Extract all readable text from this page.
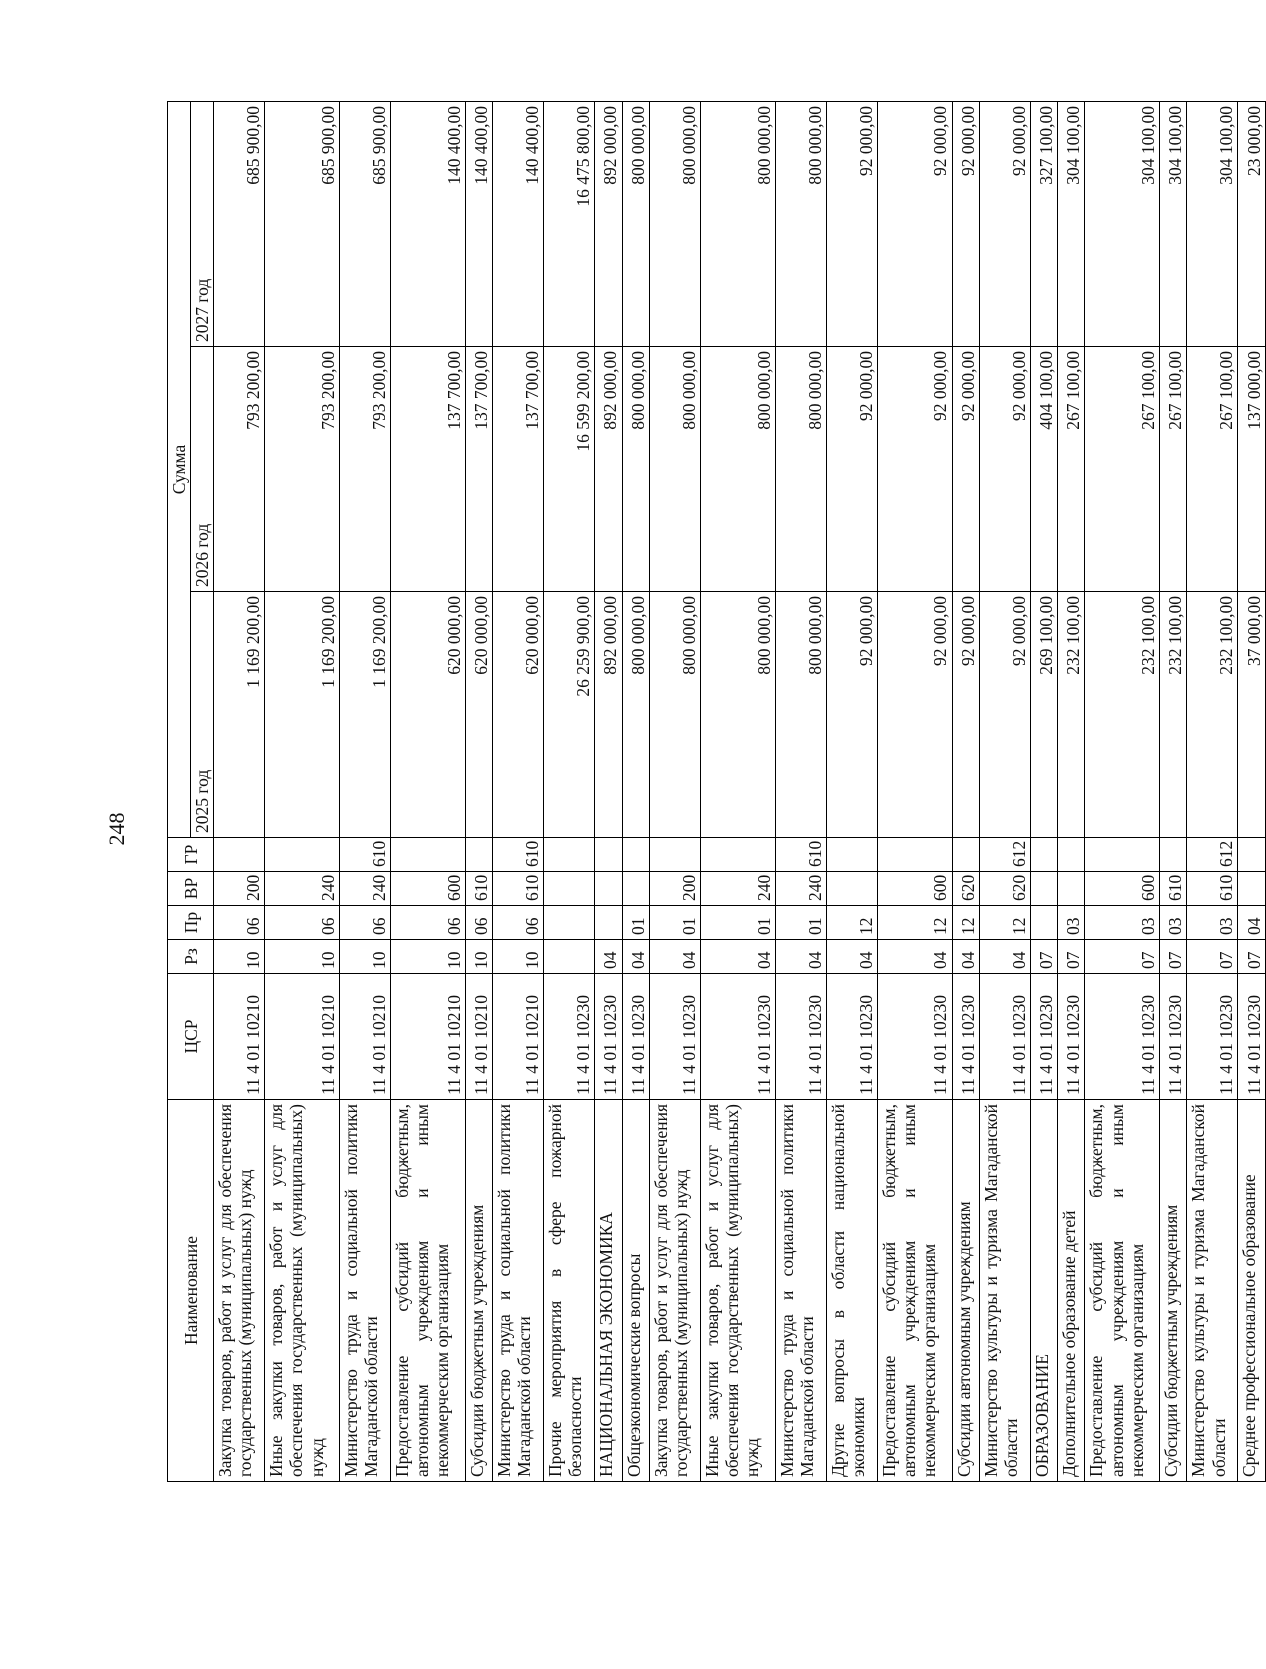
248
Наименование	ЦСР	Рз	Пр	ВР	ГР	Сумма		
						2025 год	2026 год	2027 год
Закупка товаров, работ и услуг для обеспечения государственных (муниципальных) нужд	11 4 01 10210	10	06	200		1 169 200,00	793 200,00	685 900,00
Иные закупки товаров, работ и услуг для обеспечения государственных (муниципальных) нужд	11 4 01 10210	10	06	240		1 169 200,00	793 200,00	685 900,00
Министерство труда и социальной политики Магаданской области	11 4 01 10210	10	06	240	610	1 169 200,00	793 200,00	685 900,00
Предоставление субсидий бюджетным, автономным учреждениям и иным некоммерческим организациям	11 4 01 10210	10	06	600		620 000,00	137 700,00	140 400,00
Субсидии бюджетным учреждениям	11 4 01 10210	10	06	610		620 000,00	137 700,00	140 400,00
Министерство труда и социальной политики Магаданской области	11 4 01 10210	10	06	610	610	620 000,00	137 700,00	140 400,00
Прочие мероприятия в сфере пожарной безопасности	11 4 01 10230					26 259 900,00	16 599 200,00	16 475 800,00
НАЦИОНАЛЬНАЯ ЭКОНОМИКА	11 4 01 10230	04				892 000,00	892 000,00	892 000,00
Общеэкономические вопросы	11 4 01 10230	04	01			800 000,00	800 000,00	800 000,00
Закупка товаров, работ и услуг для обеспечения государственных (муниципальных) нужд	11 4 01 10230	04	01	200		800 000,00	800 000,00	800 000,00
Иные закупки товаров, работ и услуг для обеспечения государственных (муниципальных) нужд	11 4 01 10230	04	01	240		800 000,00	800 000,00	800 000,00
Министерство труда и социальной политики Магаданской области	11 4 01 10230	04	01	240	610	800 000,00	800 000,00	800 000,00
Другие вопросы в области национальной экономики	11 4 01 10230	04	12			92 000,00	92 000,00	92 000,00
Предоставление субсидий бюджетным, автономным учреждениям и иным некоммерческим организациям	11 4 01 10230	04	12	600		92 000,00	92 000,00	92 000,00
Субсидии автономным учреждениям	11 4 01 10230	04	12	620		92 000,00	92 000,00	92 000,00
Министерство культуры и туризма Магаданской области	11 4 01 10230	04	12	620	612	92 000,00	92 000,00	92 000,00
ОБРАЗОВАНИЕ	11 4 01 10230	07				269 100,00	404 100,00	327 100,00
Дополнительное образование детей	11 4 01 10230	07	03			232 100,00	267 100,00	304 100,00
Предоставление субсидий бюджетным, автономным учреждениям и иным некоммерческим организациям	11 4 01 10230	07	03	600		232 100,00	267 100,00	304 100,00
Субсидии бюджетным учреждениям	11 4 01 10230	07	03	610		232 100,00	267 100,00	304 100,00
Министерство культуры и туризма Магаданской области	11 4 01 10230	07	03	610	612	232 100,00	267 100,00	304 100,00
Среднее профессиональное образование	11 4 01 10230	07	04			37 000,00	137 000,00	23 000,00
